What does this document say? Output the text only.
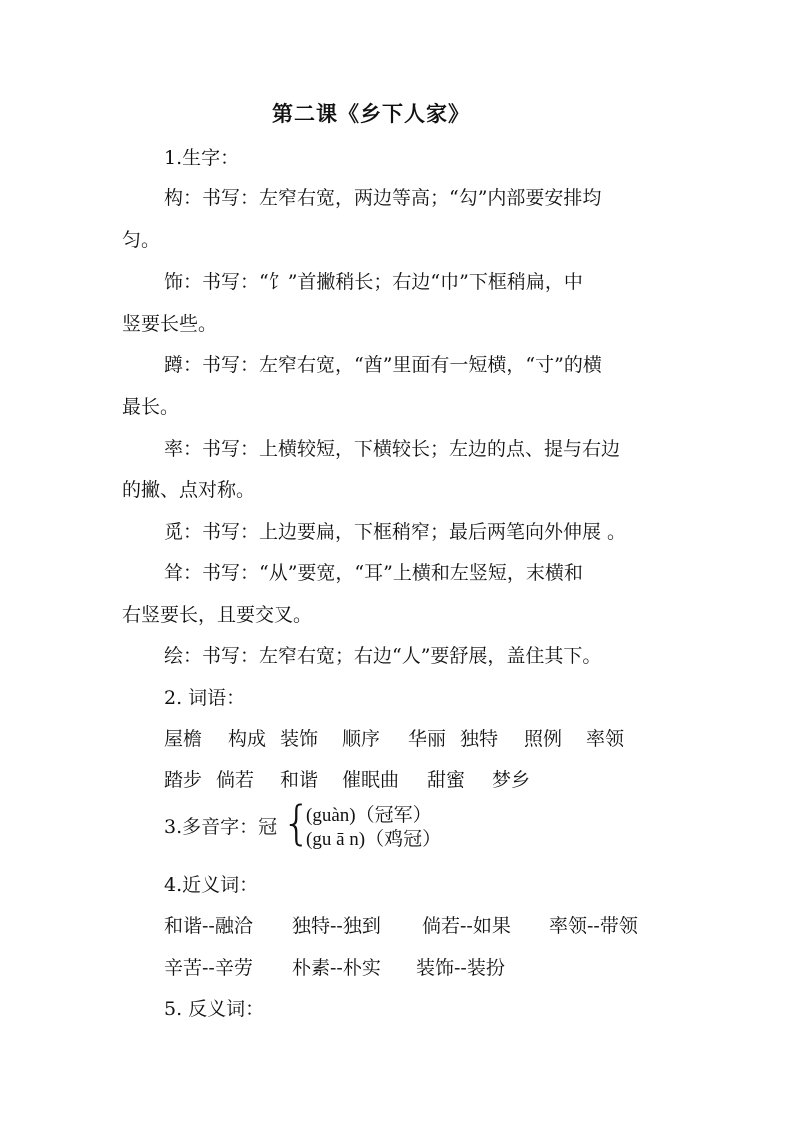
第二课《乡下人家》
1.生字：
构：书写：左窄右宽，两边等高；“勾”内部要安排均
匀。
饰：书写：“饣”首撇稍长；右边“巾”下框稍扁，中
竖要长些。
蹲：书写：左窄右宽，“酋”里面有一短横，“寸”的横
最长。
率：书写：上横较短，下横较长；左边的点、提与右边
的撇、点对称。
觅：书写：上边要扁，下框稍窄；最后两笔向外伸展 。
耸：书写：“从”要宽，“耳”上横和左竖短，末横和
右竖要长，且要交叉。
绘：书写：左窄右宽；右边“人”要舒展，盖住其下。
2. 词语：
屋檐 构成 装饰 顺序 华丽 独特 照例 率领
踏步 倘若 和谐 催眠曲 甜蜜 梦乡
3.多音字：冠 {
(guàn)（冠军）
(gu ā n)（鸡冠）
4.近义词：
和谐--融洽 独特--独到 倘若--如果 率领--带领
辛苦--辛劳 朴素--朴实 装饰--装扮
5. 反义词：
